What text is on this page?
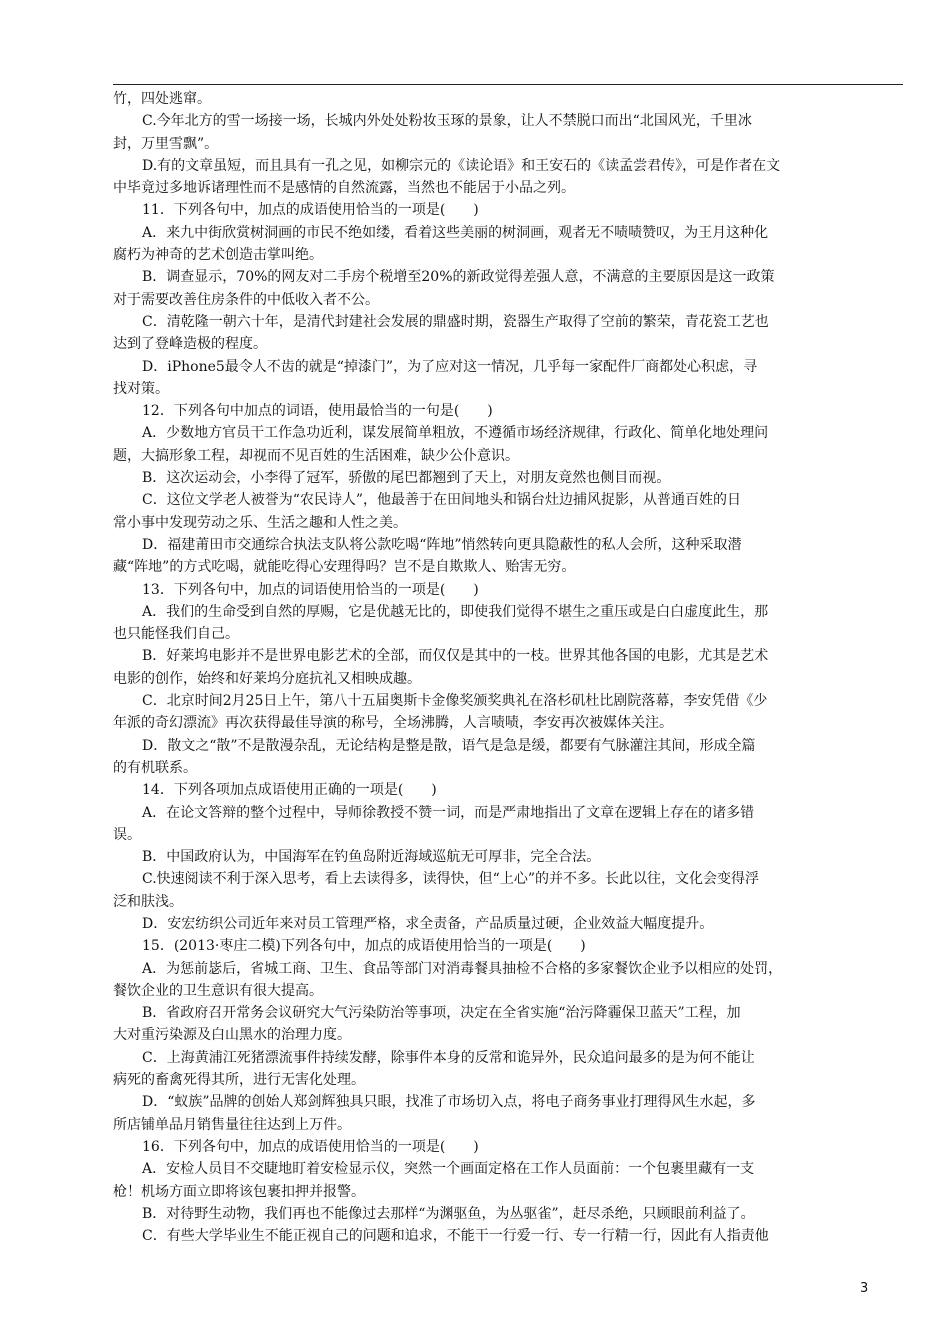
竹，四处逃窜。
C.今年北方的雪一场接一场，长城内外处处粉妆玉琢的景象，让人不禁脱口而出“北国风光，千里冰
封，万里雪飘”。
D.有的文章虽短，而且具有一孔之见，如柳宗元的《读论语》和王安石的《读孟尝君传》，可是作者在文
中毕竟过多地诉诸理性而不是感情的自然流露，当然也不能居于小品之列。
11．下列各句中，加点的成语使用恰当的一项是(　　)
A．来九中街欣赏树洞画的市民不绝如缕，看着这些美丽的树洞画，观者无不啧啧赞叹，为王月这种化
腐朽为神奇的艺术创造击掌叫绝。
B．调查显示，70%的网友对二手房个税增至20%的新政觉得差强人意，不满意的主要原因是这一政策
对于需要改善住房条件的中低收入者不公。
C．清乾隆一朝六十年，是清代封建社会发展的鼎盛时期，瓷器生产取得了空前的繁荣，青花瓷工艺也
达到了登峰造极的程度。
D．iPhone5最令人不齿的就是“掉漆门”，为了应对这一情况，几乎每一家配件厂商都处心积虑，寻
找对策。
12．下列各句中加点的词语，使用最恰当的一句是(　　)
A．少数地方官员干工作急功近利，谋发展简单粗放，不遵循市场经济规律，行政化、简单化地处理问
题，大搞形象工程，却视而不见百姓的生活困难，缺少公仆意识。
B．这次运动会，小李得了冠军，骄傲的尾巴都翘到了天上，对朋友竟然也侧目而视。
C．这位文学老人被誉为“农民诗人”，他最善于在田间地头和锅台灶边捕风捉影，从普通百姓的日
常小事中发现劳动之乐、生活之趣和人性之美。
D．福建莆田市交通综合执法支队将公款吃喝“阵地”悄然转向更具隐蔽性的私人会所，这种采取潜
藏“阵地”的方式吃喝，就能吃得心安理得吗？岂不是自欺欺人、贻害无穷。
13．下列各句中，加点的词语使用恰当的一项是(　　)
A．我们的生命受到自然的厚赐，它是优越无比的，即使我们觉得不堪生之重压或是白白虚度此生，那
也只能怪我们自己。
B．好莱坞电影并不是世界电影艺术的全部，而仅仅是其中的一枝。世界其他各国的电影，尤其是艺术
电影的创作，始终和好莱坞分庭抗礼又相映成趣。
C．北京时间2月25日上午，第八十五届奥斯卡金像奖颁奖典礼在洛杉矶杜比剧院落幕，李安凭借《少
年派的奇幻漂流》再次获得最佳导演的称号，全场沸腾，人言啧啧，李安再次被媒体关注。
D．散文之“散”不是散漫杂乱，无论结构是整是散，语气是急是缓，都要有气脉灌注其间，形成全篇
的有机联系。
14．下列各项加点成语使用正确的一项是(　　)
A．在论文答辩的整个过程中，导师徐教授不赞一词，而是严肃地指出了文章在逻辑上存在的诸多错
误。
B．中国政府认为，中国海军在钓鱼岛附近海域巡航无可厚非，完全合法。
C.快速阅读不利于深入思考，看上去读得多，读得快，但“上心”的并不多。长此以往，文化会变得浮
泛和肤浅。
D．安宏纺织公司近年来对员工管理严格，求全责备，产品质量过硬，企业效益大幅度提升。
15．(2013·枣庄二模)下列各句中，加点的成语使用恰当的一项是(　　)
A．为惩前毖后，省城工商、卫生、食品等部门对消毒餐具抽检不合格的多家餐饮企业予以相应的处罚，
餐饮企业的卫生意识有很大提高。
B．省政府召开常务会议研究大气污染防治等事项，决定在全省实施“治污降霾保卫蓝天”工程，加
大对重污染源及白山黑水的治理力度。
C．上海黄浦江死猪漂流事件持续发酵，除事件本身的反常和诡异外，民众追问最多的是为何不能让
病死的畜禽死得其所，进行无害化处理。
D．“蚁族”品牌的创始人郑剑辉独具只眼，找准了市场切入点，将电子商务事业打理得风生水起，多
所店铺单品月销售量往往达到上万件。
16．下列各句中，加点的成语使用恰当的一项是(　　)
A．安检人员目不交睫地盯着安检显示仪，突然一个画面定格在工作人员面前：一个包裹里藏有一支
枪！机场方面立即将该包裹扣押并报警。
B．对待野生动物，我们再也不能像过去那样“为渊驱鱼，为丛驱雀”，赶尽杀绝，只顾眼前利益了。
C．有些大学毕业生不能正视自己的问题和追求，不能干一行爱一行、专一行精一行，因此有人指责他
3
